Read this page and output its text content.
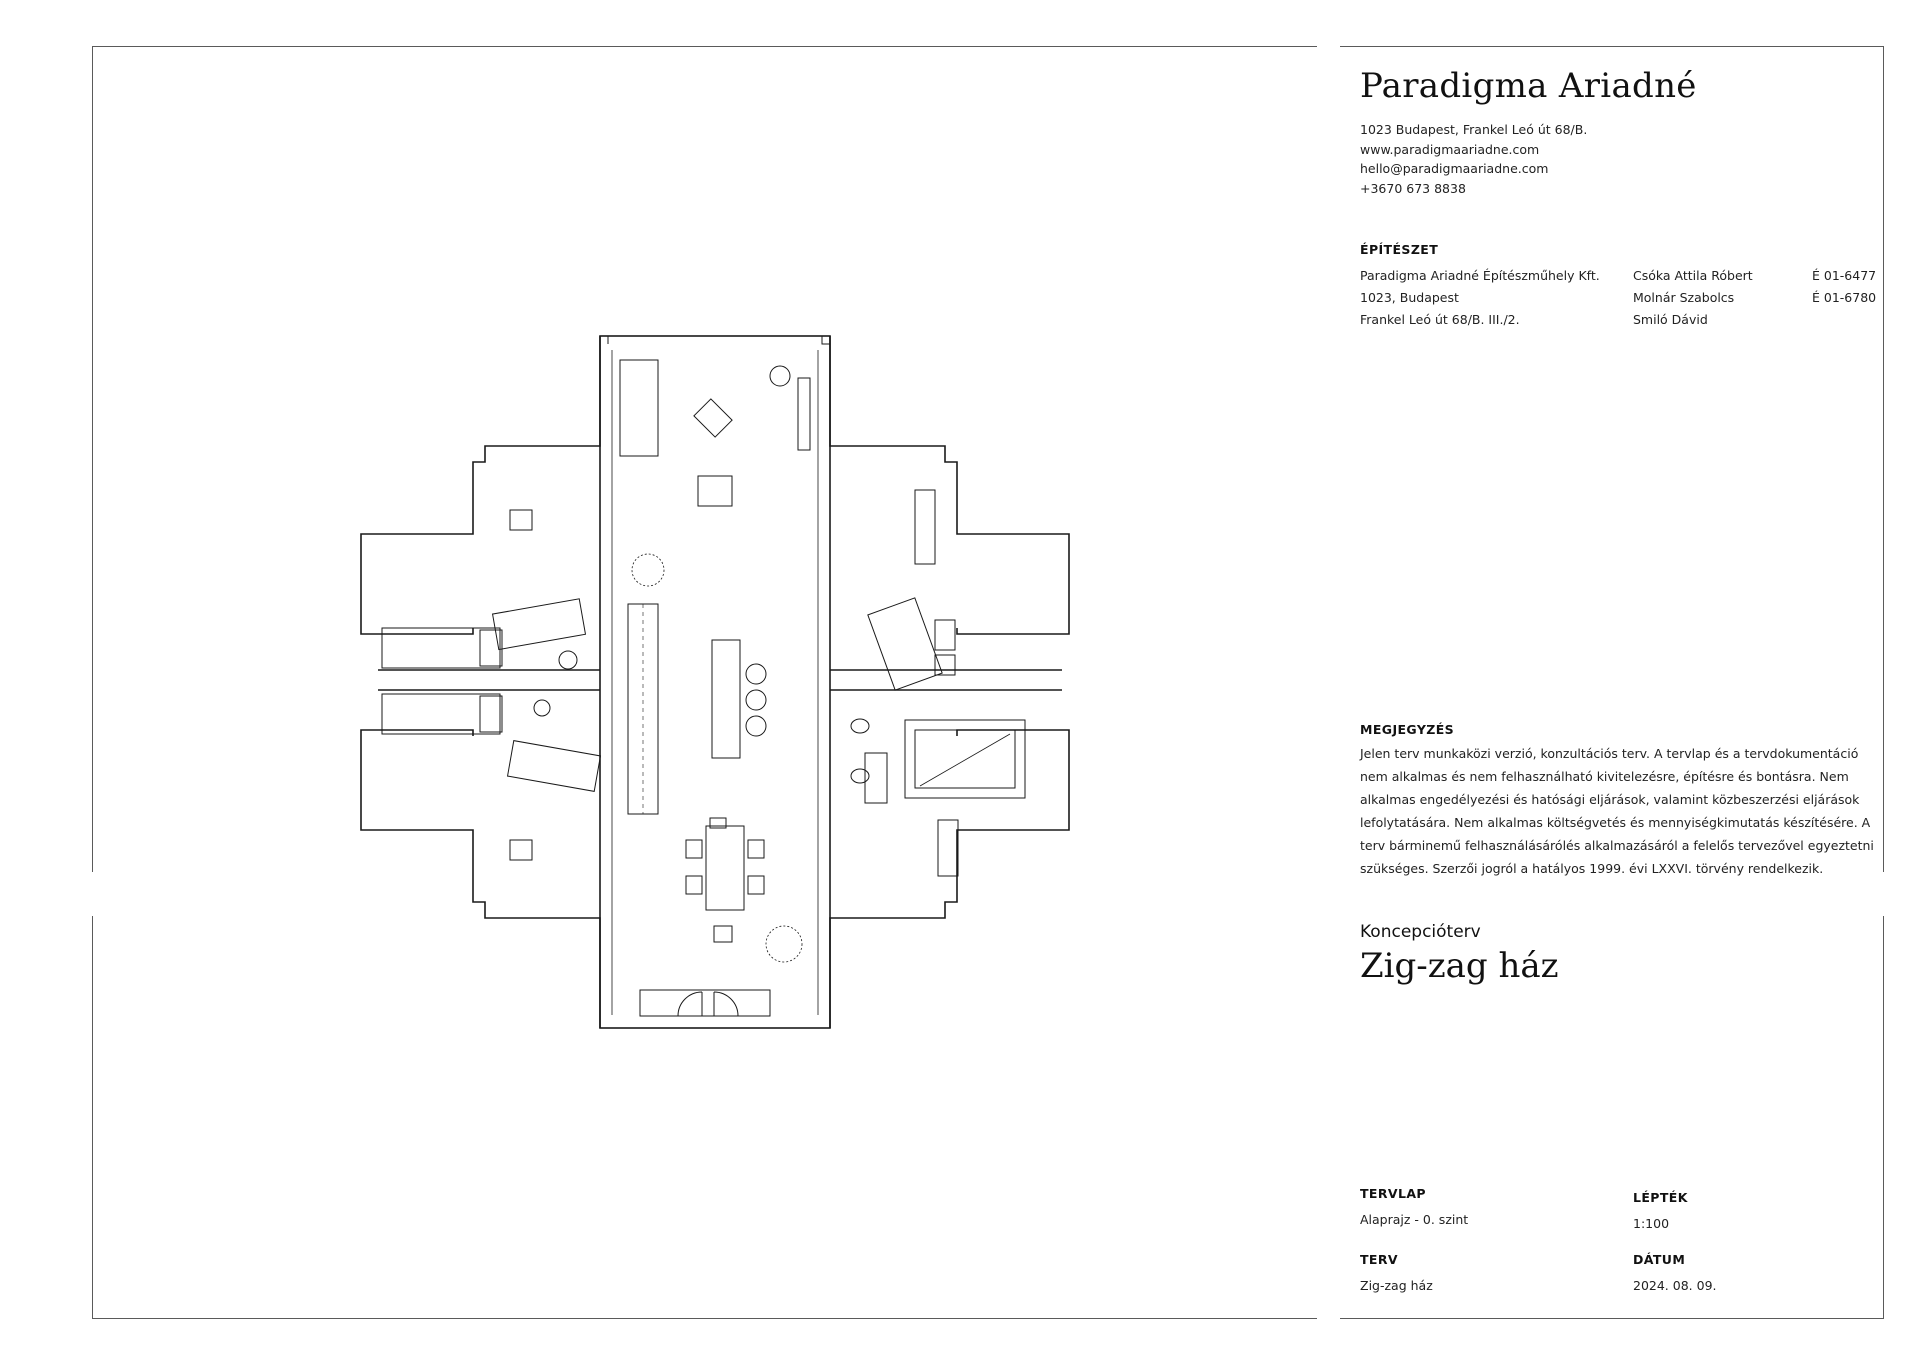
Paradigma Ariadné
1023 Budapest, Frankel Leó út 68/B.
www.paradigmaariadne.com
hello@paradigmaariadne.com
+3670 673 8838
ÉPÍTÉSZET
Paradigma Ariadné Építészműhely Kft.	Csóka Attila Róbert	É 01-6477
1023, Budapest	Molnár Szabolcs	É 01-6780
Frankel Leó út 68/B. III./2.	Smiló Dávid
MEGJEGYZÉS
Jelen terv munkaközi verzió, konzultációs terv. A tervlap és a tervdokumentáció nem alkalmas és nem felhasználható kivitelezésre, építésre és bontásra. Nem alkalmas engedélyezési és hatósági eljárások, valamint közbeszerzési eljárások lefolytatására. Nem alkalmas költségvetés és mennyiségkimutatás készítésére. A terv bárminemű felhasználásárólés alkalmazásáról a felelős tervezővel egyeztetni szükséges. Szerzői jogról a hatályos 1999. évi LXXVI. törvény rendelkezik.
Koncepcióterv
Zig-zag ház
TERVLAP
Alaprajz - 0. szint
LÉPTÉK
1:100
TERV
Zig-zag ház
DÁTUM
2024. 08. 09.
